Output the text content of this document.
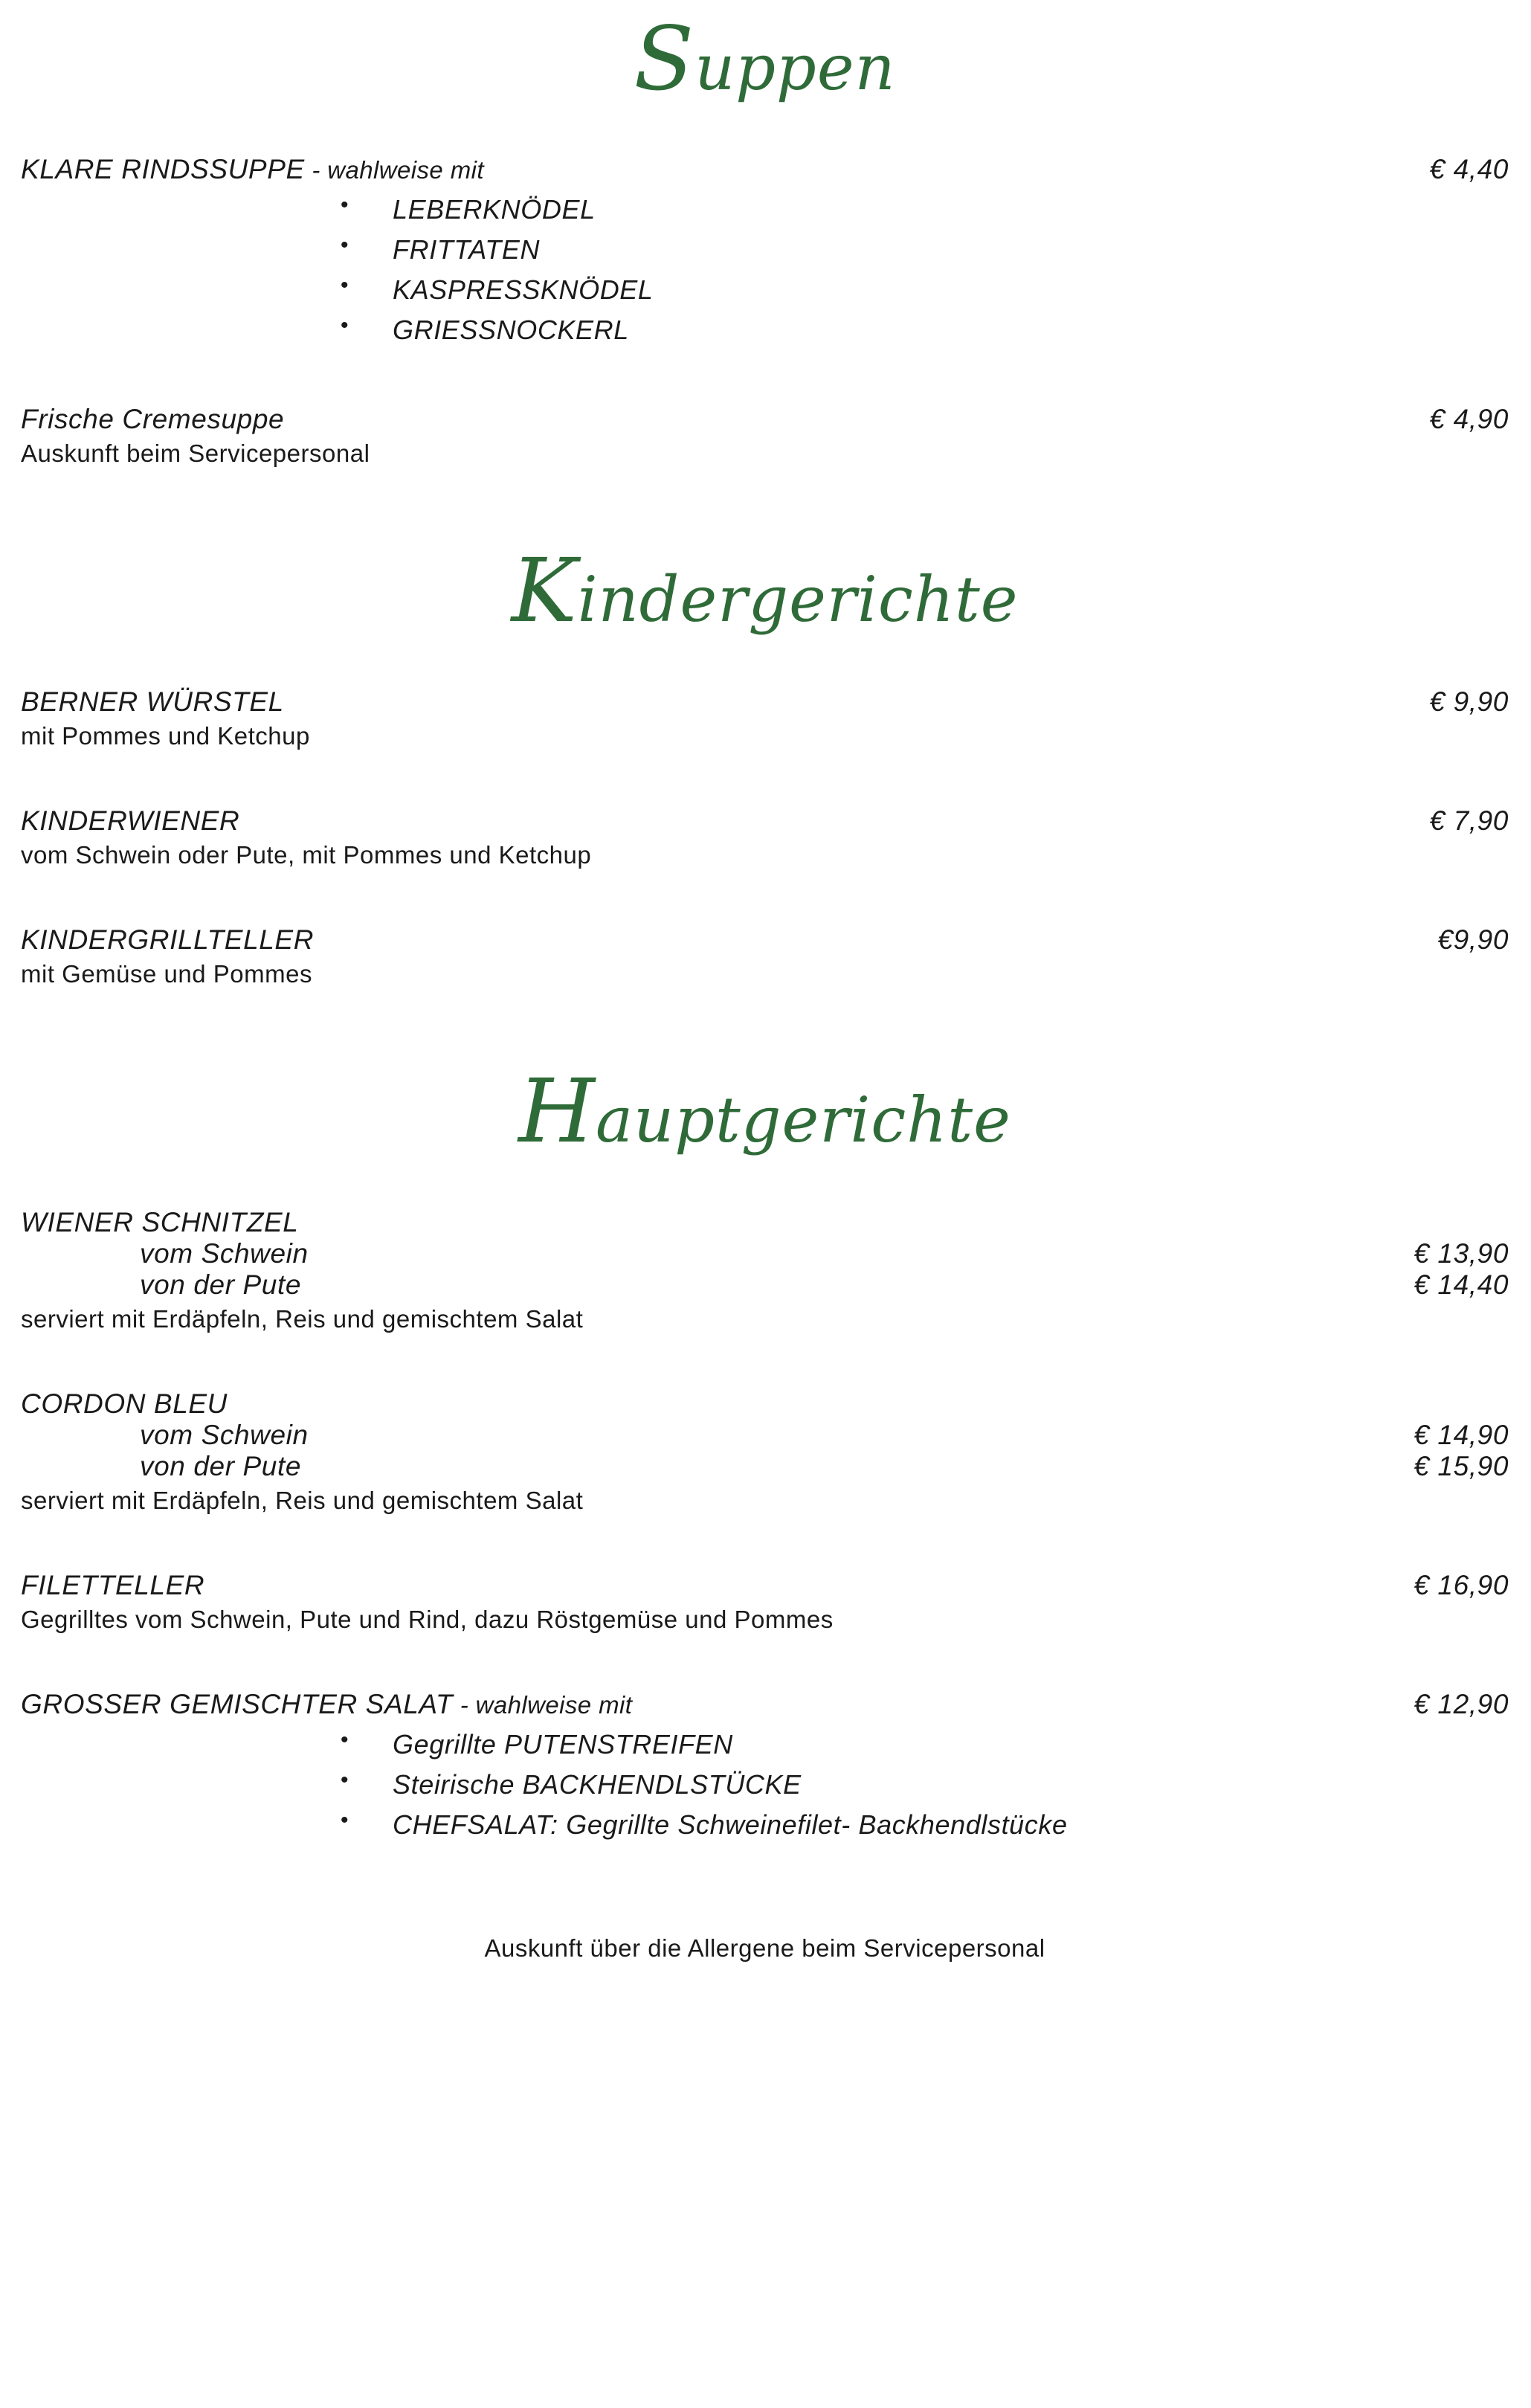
Suppen
KLARE RINDSSUPPE - wahlweise mit	€ 4,40
• LEBERKNÖDEL
• FRITTATEN
• KASPRESSKNÖDEL
• GRIESSNOCKERL
Frische Cremesuppe	€ 4,90
Auskunft beim Servicepersonal
Kindergerichte
BERNER WÜRSTEL	€ 9,90
mit Pommes und Ketchup
KINDERWIENER	€ 7,90
vom Schwein oder Pute, mit Pommes und Ketchup
KINDERGRILLTELLER	€9,90
mit Gemüse und Pommes
Hauptgerichte
WIENER SCHNITZEL
vom Schwein	€ 13,90
von der Pute	€ 14,40
serviert mit Erdäpfeln, Reis und gemischtem Salat
CORDON BLEU
vom Schwein	€ 14,90
von der Pute	€ 15,90
serviert mit Erdäpfeln, Reis und gemischtem Salat
FILETTELLER	€ 16,90
Gegrilltes vom Schwein, Pute und Rind, dazu Röstgemüse und Pommes
GROSSER GEMISCHTER SALAT - wahlweise mit	€ 12,90
• Gegrillte PUTENSTREIFEN
• Steirische BACKHENDLSTÜCKE
• CHEFSALAT: Gegrillte Schweinefilet- Backhendlstücke
Auskunft über die Allergene beim Servicepersonal
